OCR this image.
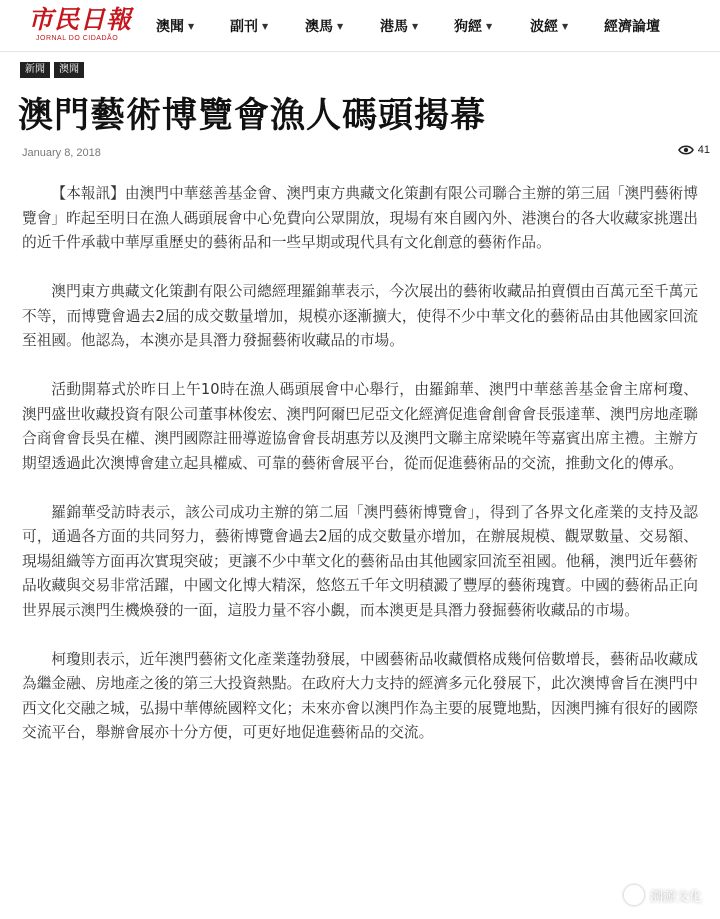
市民日報
JORNAL DO CIDADÃO
澳聞 ▼	副刊 ▼	澳馬 ▼	港馬 ▼	狗經 ▼	波經 ▼	經濟論壇
新聞	澳聞
澳門藝術博覽會漁人碼頭揭幕
January 8, 2018	41

【本報訊】由澳門中華慈善基金會、澳門東方典藏文化策劃有限公司聯合主辦的第三屆「澳門藝術博覽會」昨起至明日在漁人碼頭展會中心免費向公眾開放，現場有來自國內外、港澳台的各大收藏家挑選出的近千件承載中華厚重歷史的藝術品和一些早期或現代具有文化創意的藝術作品。

澳門東方典藏文化策劃有限公司總經理羅錦華表示，今次展出的藝術收藏品拍賣價由百萬元至千萬元不等，而博覽會過去2屆的成交數量增加，規模亦逐漸擴大，使得不少中華文化的藝術品由其他國家回流至祖國。他認為，本澳亦是具潛力發掘藝術收藏品的市場。

活動開幕式於昨日上午10時在漁人碼頭展會中心舉行，由羅錦華、澳門中華慈善基金會主席柯瓊、澳門盛世收藏投資有限公司董事林俊宏、澳門阿爾巴尼亞文化經濟促進會創會會長張達華、澳門房地產聯合商會會長吳在權、澳門國際註冊導遊協會會長胡惠芳以及澳門文聯主席梁曉年等嘉賓出席主禮。主辦方期望透過此次澳博會建立起具權威、可靠的藝術會展平台，從而促進藝術品的交流，推動文化的傳承。

羅錦華受訪時表示，該公司成功主辦的第二屆「澳門藝術博覽會」，得到了各界文化產業的支持及認可，通過各方面的共同努力，藝術博覽會過去2屆的成交數量亦增加，在辦展規模、觀眾數量、交易額、現場組織等方面再次實現突破；更讓不少中華文化的藝術品由其他國家回流至祖國。他稱，澳門近年藝術品收藏與交易非常活躍，中國文化博大精深，悠悠五千年文明積澱了豐厚的藝術瑰寶。中國的藝術品正向世界展示澳門生機煥發的一面，這股力量不容小覷，而本澳更是具潛力發掘藝術收藏品的市場。

柯瓊則表示，近年澳門藝術文化產業蓬勃發展，中國藝術品收藏價格成幾何倍數增長，藝術品收藏成為繼金融、房地產之後的第三大投資熱點。在政府大力支持的經濟多元化發展下，此次澳博會旨在澳門中西文化交融之城，弘揚中華傳統國粹文化；未來亦會以澳門作為主要的展覽地點，因澳門擁有很好的國際交流平台，舉辦會展亦十分方便，可更好地促進藝術品的交流。

溯源文化
